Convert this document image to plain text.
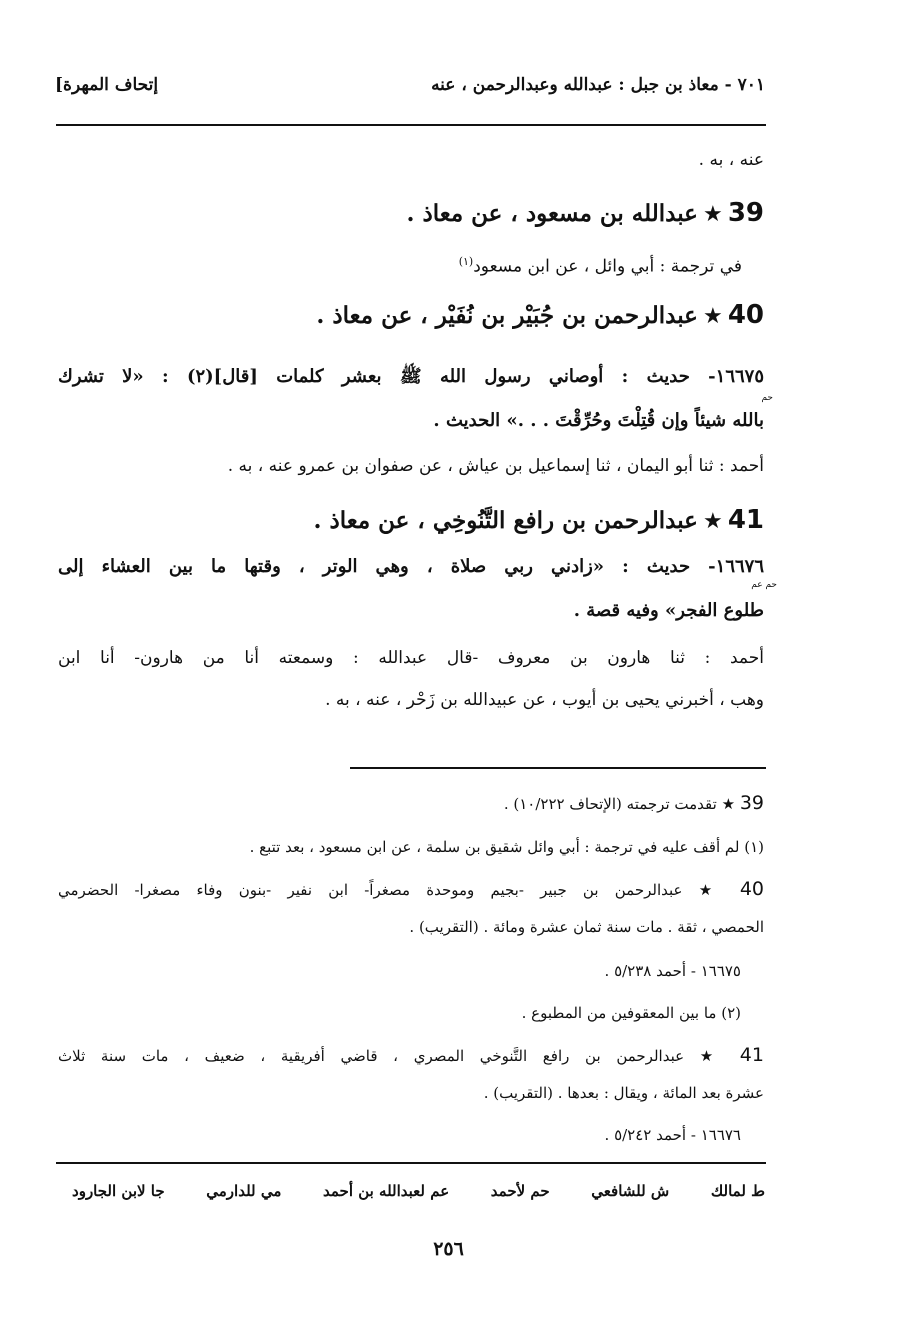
٧٠١ - معاذ بن جبل : عبدالله وعبدالرحمن ، عنه
[إتحاف المهرة
عنه ، به .
39 ★ عبدالله بن مسعود ، عن معاذ .
في ترجمة : أبي وائل ، عن ابن مسعود$^{(١)}$
40 ★ عبدالرحمن بن جُبَيْر بن نُفَيْر ، عن معاذ .
١٦٦٧٥- حديث : أوصاني رسول الله ﷺ بعشر كلمات [قال](٢) : «لا تشرك
حم
بالله شيئاً وإن قُتِلْتَ وحُرِّقْتَ . . .» الحديث .
أحمد : ثنا أبو اليمان ، ثنا إسماعيل بن عياش ، عن صفوان بن عمرو عنه ، به .
41 ★ عبدالرحمن بن رافع التَّنُوخِي ، عن معاذ .
١٦٦٧٦- حديث : «زادني ربي صلاة ، وهي الوتر ، وقتها ما بين العشاء إلى
حم عم
طلوع الفجر» وفيه قصة .
أحمد : ثنا هارون بن معروف -قال عبدالله : وسمعته أنا من هارون- أنا ابن
وهب ، أخبرني يحيى بن أيوب ، عن عبيدالله بن زَحْر ، عنه ، به .
39 ★ تقدمت ترجمته (الإتحاف ١٠/٢٢٢) .
(١) لم أقف عليه في ترجمة : أبي وائل شقيق بن سلمة ، عن ابن مسعود ، بعد تتبع .
40 ★ عبدالرحمن بن جبير -بجيم وموحدة مصغراً- ابن نفير -بنون وفاء مصغرا- الحضرمي
الحمصي ، ثقة . مات سنة ثمان عشرة ومائة . (التقريب) .
١٦٦٧٥ - أحمد ٥/٢٣٨ .
(٢) ما بين المعقوفين من المطبوع .
41 ★ عبدالرحمن بن رافع التَّنوخي المصري ، قاضي أفريقية ، ضعيف ، مات سنة ثلاث
عشرة بعد المائة ، ويقال : بعدها . (التقريب) .
١٦٦٧٦ - أحمد ٥/٢٤٢ .
ط لمالك
ش للشافعي
حم لأحمد
عم لعبدالله بن أحمد
مي للدارمي
جا لابن الجارود
٢٥٦
